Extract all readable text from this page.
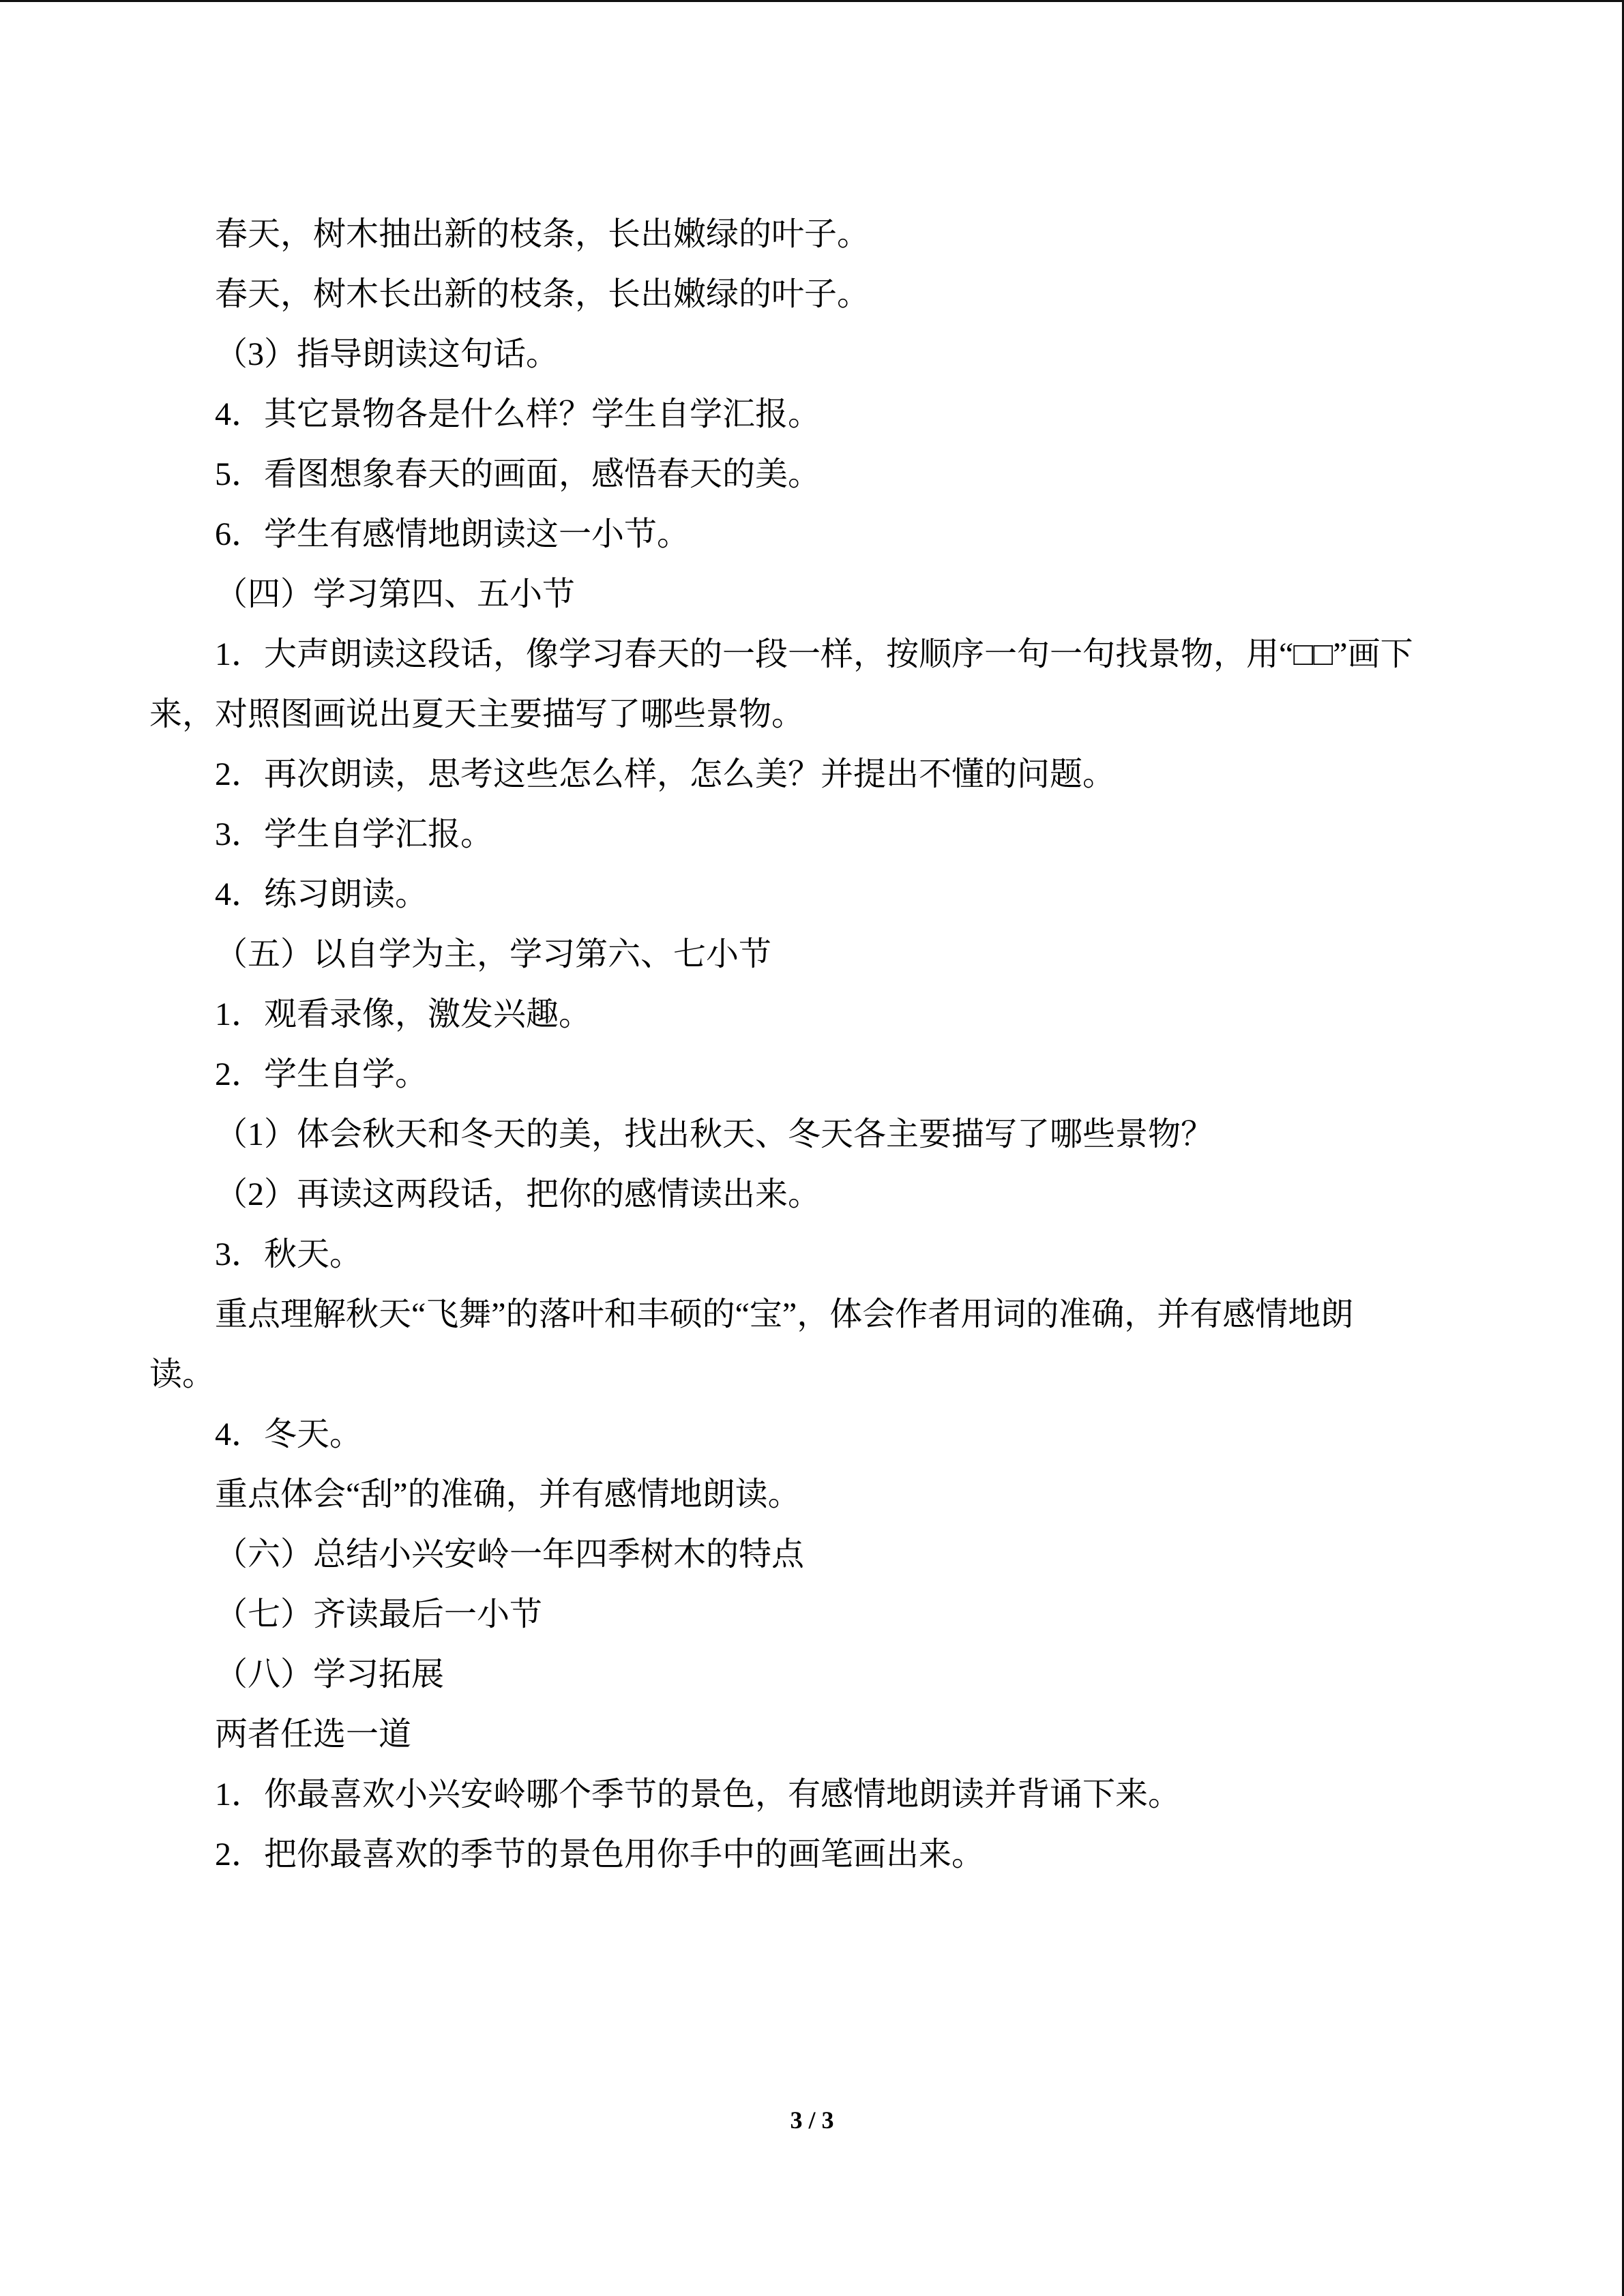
春天，树木抽出新的枝条，长出嫩绿的叶子。

春天，树木长出新的枝条，长出嫩绿的叶子。

（3）指导朗读这句话。

4．其它景物各是什么样？学生自学汇报。

5．看图想象春天的画面，感悟春天的美。

6．学生有感情地朗读这一小节。

（四）学习第四、五小节

1．大声朗读这段话，像学习春天的一段一样，按顺序一句一句找景物，用“□□”画下
来，对照图画说出夏天主要描写了哪些景物。

2．再次朗读，思考这些怎么样，怎么美？并提出不懂的问题。

3．学生自学汇报。

4．练习朗读。

（五）以自学为主，学习第六、七小节

1．观看录像，激发兴趣。

2．学生自学。

（1）体会秋天和冬天的美，找出秋天、冬天各主要描写了哪些景物？

（2）再读这两段话，把你的感情读出来。

3．秋天。

重点理解秋天“飞舞”的落叶和丰硕的“宝”，体会作者用词的准确，并有感情地朗
读。

4．冬天。

重点体会“刮”的准确，并有感情地朗读。

（六）总结小兴安岭一年四季树木的特点

（七）齐读最后一小节

（八）学习拓展

两者任选一道

1．你最喜欢小兴安岭哪个季节的景色，有感情地朗读并背诵下来。

2．把你最喜欢的季节的景色用你手中的画笔画出来。

3 / 3
